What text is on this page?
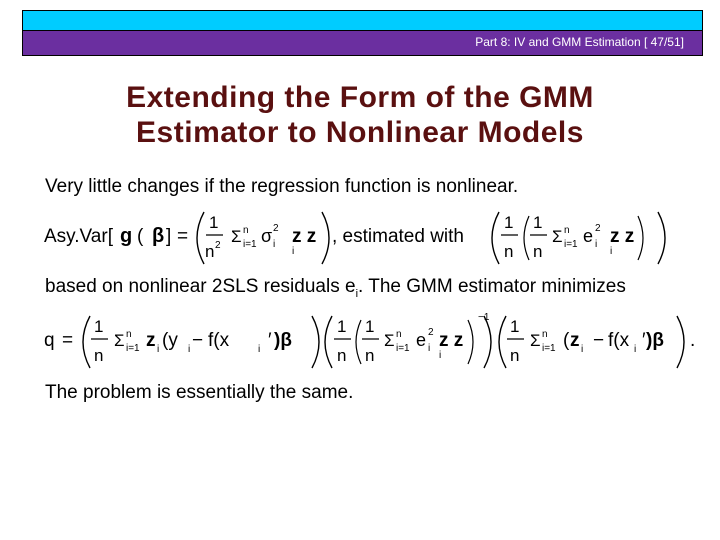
Part 8: IV and GMM Estimation [ 47/51]
Extending the Form of the GMM
Estimator to Nonlinear Models
Very little changes if the regression function is nonlinear.
Asy.Var[ g ( β ] =
1
n 2 Σ n
i=1 σ 2
i z z
i
, estimated with
1
n
1
n
Σ n
i=1 e 2
i z z
i
based on nonlinear 2SLS residuals $e_i$. The GMM estimator minimizes
q =
1
n
Σ n
i=1 z i (y i − f(x	i ′ )β
1
n
1
n
Σ n
i=1 e 2
i z z
i
−1 1
n
Σ n
i=1 ( z i − f(x i ′ )β .
The problem is essentially the same.
